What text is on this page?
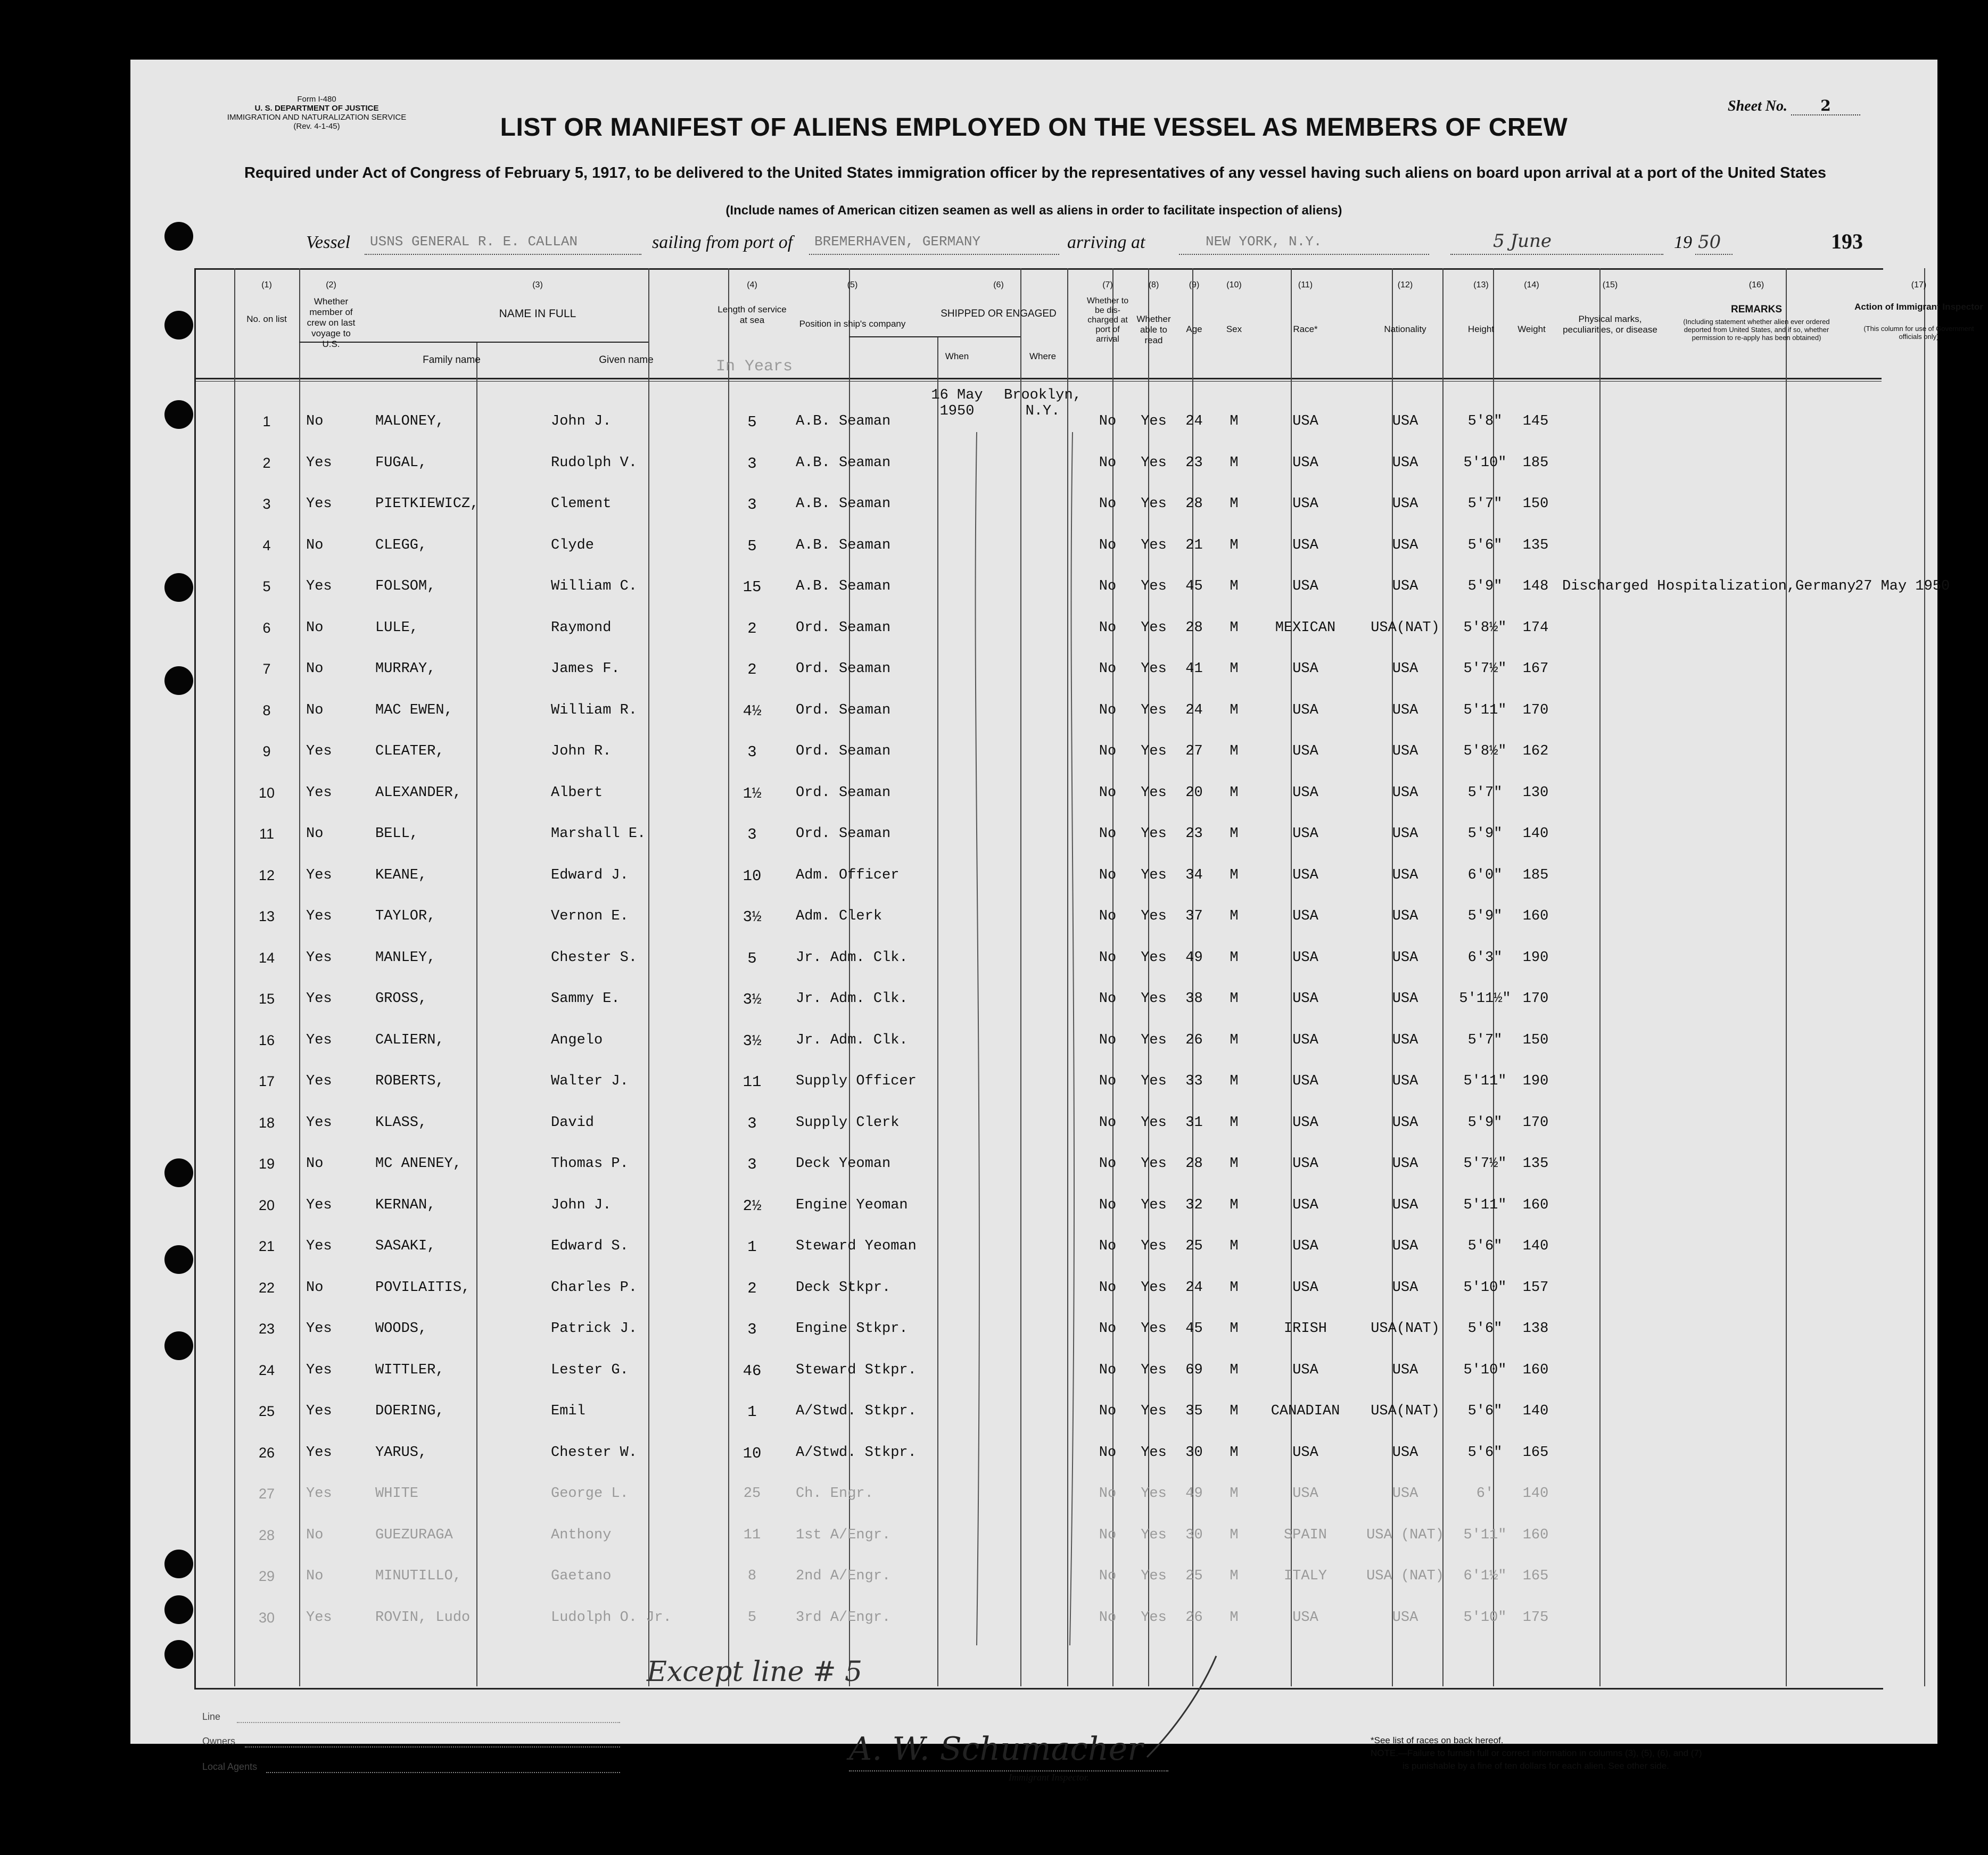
Form I-480
U. S. DEPARTMENT OF JUSTICE
IMMIGRATION AND NATURALIZATION SERVICE
(Rev. 4-1-45)
Sheet No. 2
LIST OR MANIFEST OF ALIENS EMPLOYED ON THE VESSEL AS MEMBERS OF CREW
Required under Act of Congress of February 5, 1917, to be delivered to the United States immigration officer by the representatives of any vessel having such aliens on board upon arrival at a port of the United States
(Include names of American citizen seamen as well as aliens in order to facilitate inspection of aliens)
Vessel USNS GENERAL R. E. CALLAN	sailing from port of BREMERHAVEN, GERMANY	arriving at	NEW YORK, N.Y.	5 June	19 50	193
(1)
No. on list
(2)
Whether member of crew on last voyage to U.S.
(3)
NAME IN FULL
Family name	Given name
(4)
Length of service at sea
In Years
(5)
Position in ship's company
(6)
SHIPPED OR ENGAGED
When	Where
(7)
Whether to be dis-charged at port of arrival
(8)
Whether able to read
(9)
Age
(10)
Sex
(11)
Race*
(12)
Nationality
(13)
Height
(14)
Weight
(15)
Physical marks, peculiarities, or disease
(16)
REMARKS
(Including statement whether alien ever ordered deported from United States, and if so, whether permission to re-apply has been obtained)
(17)
Action of Immigrant Inspector
(This column for use of Government officials only)
16 May 1950
Brooklyn, N.Y.
1	No	MALONEY,	John J.	5	A.B. Seaman	No	Yes	24	M	USA	USA	5'8"	145
2	Yes	FUGAL,	Rudolph V.	3	A.B. Seaman	No	Yes	23	M	USA	USA	5'10"	185
3	Yes	PIETKIEWICZ,	Clement	3	A.B. Seaman	No	Yes	28	M	USA	USA	5'7"	150
4	No	CLEGG,	Clyde	5	A.B. Seaman	No	Yes	21	M	USA	USA	5'6"	135
5	Yes	FOLSOM,	William C.	15	A.B. Seaman	No	Yes	45	M	USA	USA	5'9"	148 Discharged H ospitalization,Germany
27 May 1950
6	No	LULE,	Raymond	2	Ord. Seaman	No	Yes	28	M	MEXICAN	USA(NAT)	5'8½"	174
7	No	MURRAY,	James F.	2	Ord. Seaman	No	Yes	41	M	USA	USA	5'7½"	167
8	No	MAC EWEN,	William R.	4½	Ord. Seaman	No	Yes	24	M	USA	USA	5'11"	170
9	Yes	CLEATER,	John R.	3	Ord. Seaman	No	Yes	27	M	USA	USA	5'8½"	162
10	Yes	ALEXANDER,	Albert	1½	Ord. Seaman	No	Yes	20	M	USA	USA	5'7"	130
11	No	BELL,	Marshall E.	3	Ord. Seaman	No	Yes	23	M	USA	USA	5'9"	140
12	Yes	KEANE,	Edward J.	10	Adm. Officer	No	Yes	34	M	USA	USA	6'0"	185
13	Yes	TAYLOR,	Vernon E.	3½	Adm. Clerk	No	Yes	37	M	USA	USA	5'9"	160
14	Yes	MANLEY,	Chester S.	5	Jr. Adm. Clk.	No	Yes	49	M	USA	USA	6'3"	190
15	Yes	GROSS,	Sammy E.	3½	Jr. Adm. Clk.	No	Yes	38	M	USA	USA	5'11½" 170
16	Yes	CALIERN,	Angelo	3½	Jr. Adm. Clk.	No	Yes	26	M	USA	USA	5'7"	150
17	Yes	ROBERTS,	Walter J.	11	Supply Officer	No	Yes	33	M	USA	USA	5'11"	190
18	Yes	KLASS,	David	3	Supply Clerk	No	Yes	31	M	USA	USA	5'9"	170
19	No	MC ANENEY,	Thomas P.	3	Deck Yeoman	No	Yes	28	M	USA	USA	5'7½"	135
20	Yes	KERNAN,	John J.	2½	Engine Yeoman	No	Yes	32	M	USA	USA	5'11"	160
21	Yes	SASAKI,	Edward S.	1	Steward Yeoman	No	Yes	25	M	USA	USA	5'6"	140
22	No	POVILAITIS,	Charles P.	2	Deck Stkpr.	No	Yes	24	M	USA	USA	5'10"	157
23	Yes	WOODS,	Patrick J.	3	Engine Stkpr.	No	Yes	45	M	IRISH	USA(NAT)	5'6"	138
24	Yes	WITTLER,	Lester G.	46	Steward Stkpr.	No	Yes	69	M	USA	USA	5'10"	160
25	Yes	DOERING,	Emil	1	A/Stwd. Stkpr.	No	Yes	35	M	CANADIAN	USA(NAT)	5'6"	140
26	Yes	YARUS,	Chester W.	10	A/Stwd. Stkpr.	No	Yes	30	M	USA	USA	5'6"	165
27	Yes	WHITE	George L.	25	Ch. Engr.	No	Yes	49	M	USA	USA	6'	140
28	No	GUEZURAGA	Anthony	11	1st A/Engr.	No	Yes	30	M	SPAIN	USA (NAT)	5'11"	160
29	No	MINUTILLO,	Gaetano	8	2nd A/Engr.	No	Yes	25	M	ITALY	USA (NAT)	6'1½"	165
30	Yes	ROVIN, Ludo	Ludolph O. Jr.	5	3rd A/Engr.	No	Yes	26	M	USA	USA	5'10"	175
Except line # 5
Line
Owners
Local Agents	A. W. Schumacher
Immigrant Inspector.
*See list of races on back hereof.
NOTE.—Failure to furnish full or correct information in columns (3), (5), (6), and (7)
is punishable by a fine of ten dollars for each alien. See other side.
